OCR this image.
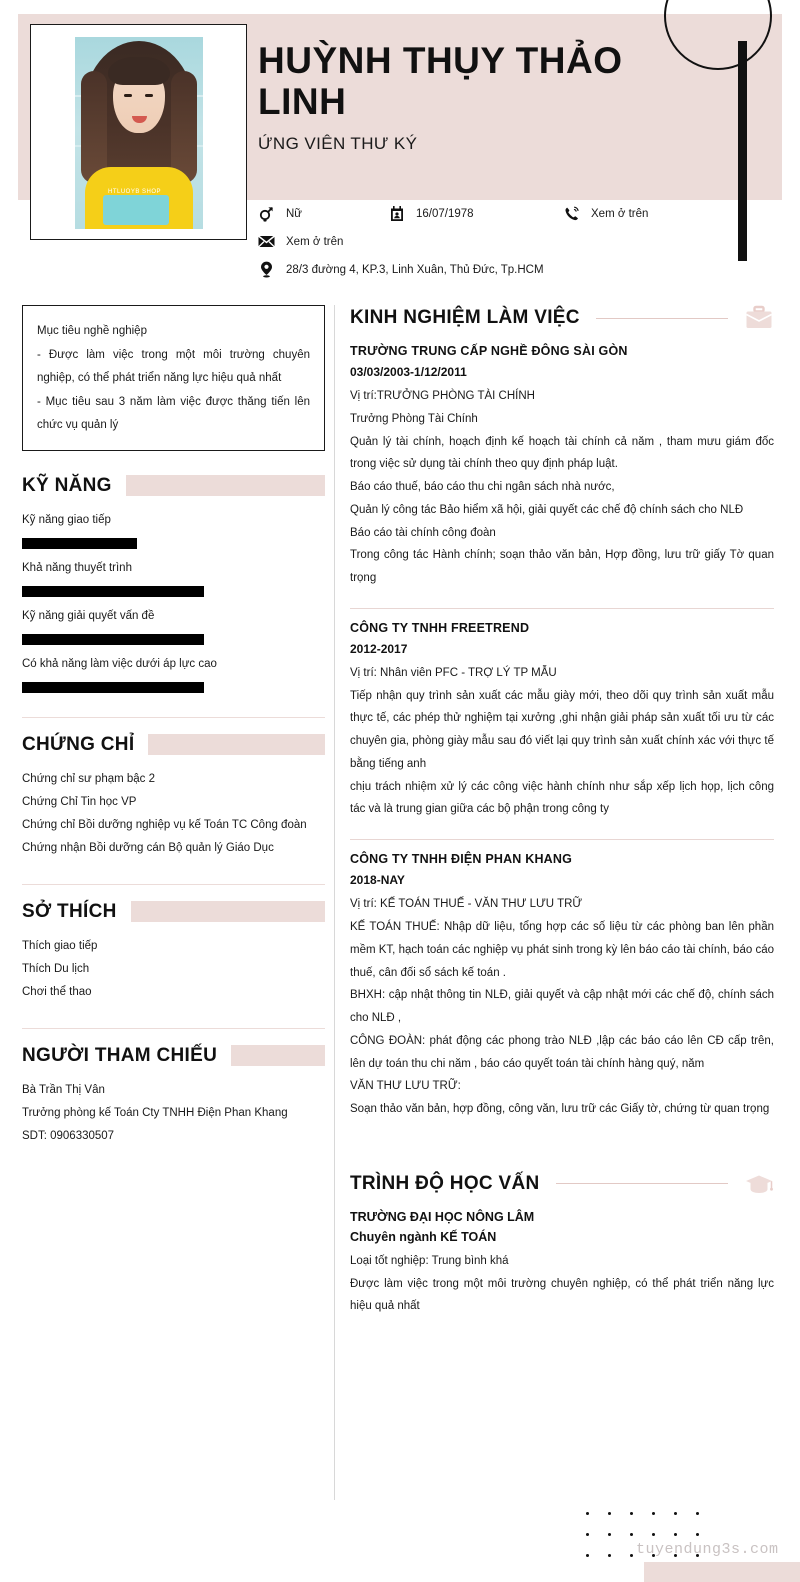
HTLUOYB SHOP
HUỲNH THỤY THẢO LINH
ỨNG VIÊN THƯ KÝ
Nữ	16/07/1978	Xem ở trên
Xem ở trên
28/3 đường 4, KP.3, Linh Xuân, Thủ Đức, Tp.HCM
Mục tiêu nghề nghiệp
- Được làm việc trong một môi trường chuyên nghiệp, có thể phát triển năng lực hiệu quả nhất
- Mục tiêu sau 3 năm làm việc được thăng tiến lên chức vụ quản lý
KỸ NĂNG
Kỹ năng giao tiếp
Khả năng thuyết trình
Kỹ năng giải quyết vấn đề
Có khả năng làm việc dưới áp lực cao
CHỨNG CHỈ
Chứng chỉ sư phạm bậc 2
Chứng Chỉ Tin học VP
Chứng chỉ Bồi dưỡng nghiệp vụ kế Toán TC Công đoàn
Chứng nhận Bồi dưỡng cán Bộ quản lý Giáo Dục
SỞ THÍCH
Thích giao tiếp
Thích Du lịch
Chơi thể thao
NGƯỜI THAM CHIẾU
Bà Trần Thị Vân
Trưởng phòng kế Toán Cty TNHH Điện Phan Khang
SDT: 0906330507
KINH NGHIỆM LÀM VIỆC
TRƯỜNG TRUNG CẤP NGHỀ ĐÔNG SÀI GÒN
03/03/2003-1/12/2011
Vị trí:TRƯỞNG PHÒNG TÀI CHÍNH
Trưởng Phòng Tài Chính
Quản lý tài chính, hoạch định kế hoạch tài chính cả năm , tham mưu giám đốc trong việc sử dụng tài chính theo quy định pháp luật.
Báo cáo thuế, báo cáo thu chi ngân sách nhà nước,
Quản lý công tác Bảo hiểm xã hội, giải quyết các chế độ chính sách cho NLĐ
Báo cáo tài chính công đoàn
Trong công tác Hành chính; soạn thảo văn bản, Hợp đồng, lưu trữ giấy Tờ quan trọng
CÔNG TY TNHH FREETREND
2012-2017
Vị trí: Nhân viên PFC - TRỢ LÝ TP MẪU
Tiếp nhận quy trình sản xuất các mẫu giày mới, theo dõi quy trình sản xuất mẫu thực tế, các phép thử nghiệm tại xưởng ,ghi nhận giải pháp sản xuất tối ưu từ các chuyên gia, phòng giày mẫu sau đó viết lại quy trình sản xuất chính xác với thực tế bằng tiếng anh
chịu trách nhiệm xử lý các công việc hành chính như sắp xếp lịch họp, lịch công tác và là trung gian giữa các bộ phận trong công ty
CÔNG TY TNHH ĐIỆN PHAN KHANG
2018-NAY
Vị trí: KẾ TOÁN THUẾ - VĂN THƯ LƯU TRỮ
KẾ TOÁN THUẾ: Nhập dữ liệu, tổng hợp các số liệu từ các phòng ban lên phần mềm KT, hạch toán các nghiệp vụ phát sinh trong kỳ lên báo cáo tài chính, báo cáo thuế, cân đối sổ sách kế toán .
BHXH: cập nhật thông tin NLĐ, giải quyết và cập nhật mới các chế độ, chính sách cho NLĐ ,
CÔNG ĐOÀN: phát động các phong trào NLĐ ,lập các báo cáo lên CĐ cấp trên, lên dự toán thu chi năm , báo cáo quyết toán tài chính hàng quý, năm
VĂN THƯ LƯU TRỮ:
Soạn thảo văn bản, hợp đồng, công văn, lưu trữ các Giấy tờ, chứng từ quan trọng
TRÌNH ĐỘ HỌC VẤN
TRƯỜNG ĐẠI HỌC NÔNG LÂM
Chuyên ngành KẾ TOÁN
Loại tốt nghiệp: Trung bình khá
Được làm việc trong một môi trường chuyên nghiệp, có thể phát triển năng lực hiệu quả nhất
tuyendung3s.com
